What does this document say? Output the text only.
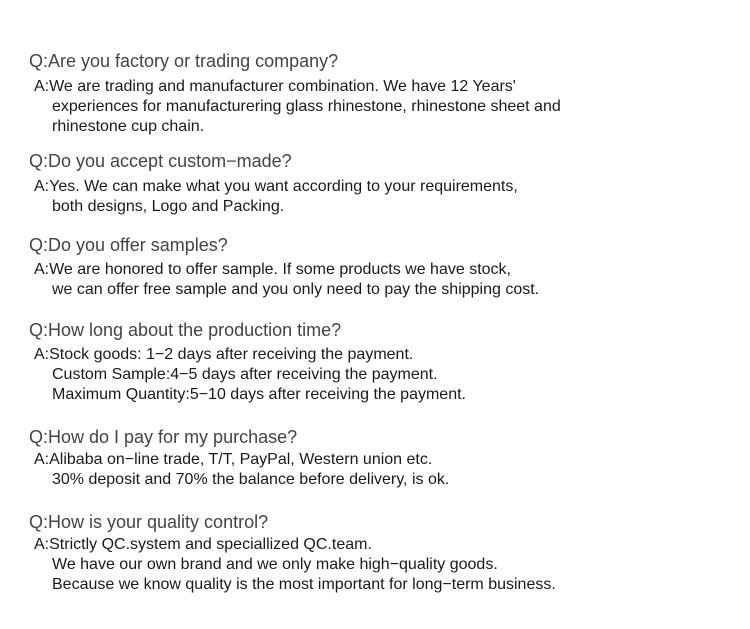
Q:Are you factory or trading company?
A:We are trading and manufacturer combination. We have 12 Years'
experiences for manufacturering glass rhinestone, rhinestone sheet and
rhinestone cup chain.
Q:Do you accept custom−made?
A:Yes. We can make what you want according to your requirements,
both designs, Logo and Packing.
Q:Do you offer samples?
A:We are honored to offer sample. If some products we have stock,
we can offer free sample and you only need to pay the shipping cost.
Q:How long about the production time?
A:Stock goods: 1−2 days after receiving the payment.
Custom Sample:4−5 days after receiving the payment.
Maximum Quantity:5−10 days after receiving the payment.
Q:How do I pay for my purchase?
A:Alibaba on−line trade, T/T, PayPal, Western union etc.
30% deposit and 70% the balance before delivery, is ok.
Q:How is your quality control?
A:Strictly QC.system and speciallized QC.team.
We have our own brand and we only make high−quality goods.
Because we know quality is the most important for long−term business.
